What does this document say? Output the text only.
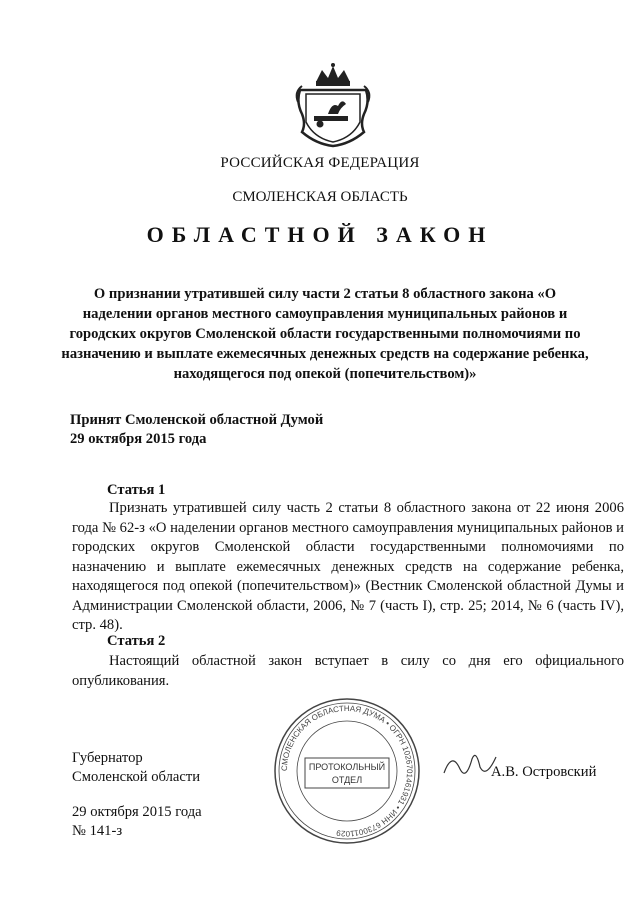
РОССИЙСКАЯ ФЕДЕРАЦИЯ
СМОЛЕНСКАЯ ОБЛАСТЬ
ОБЛАСТНОЙ ЗАКОН
О признании утратившей силу части 2 статьи 8 областного закона «О наделении органов местного самоуправления муниципальных районов и городских округов Смоленской области государственными полномочиями по назначению и выплате ежемесячных денежных средств на содержание ребенка, находящегося под опекой (попечительством)»
Принят Смоленской областной Думой
29 октября 2015 года
Статья 1
Признать утратившей силу часть 2 статьи 8 областного закона от 22 июня 2006 года № 62-з «О наделении органов местного самоуправления муниципальных районов и городских округов Смоленской области государственными полномочиями по назначению и выплате ежемесячных денежных средств на содержание ребенка, находящегося под опекой (попечительством)» (Вестник Смоленской областной Думы и Администрации Смоленской области, 2006, № 7 (часть I), стр. 25; 2014, № 6 (часть IV), стр. 48).
Статья 2
Настоящий областной закон вступает в силу со дня его официального опубликования.
Губернатор
Смоленской области
29 октября 2015 года
№ 141-з
А.В. Островский
СМОЛЕНСКАЯ ОБЛАСТНАЯ ДУМА • ОГРН 1026701461931 • ИНН 6730011029
ПРОТОКОЛЬНЫЙ
ОТДЕЛ
